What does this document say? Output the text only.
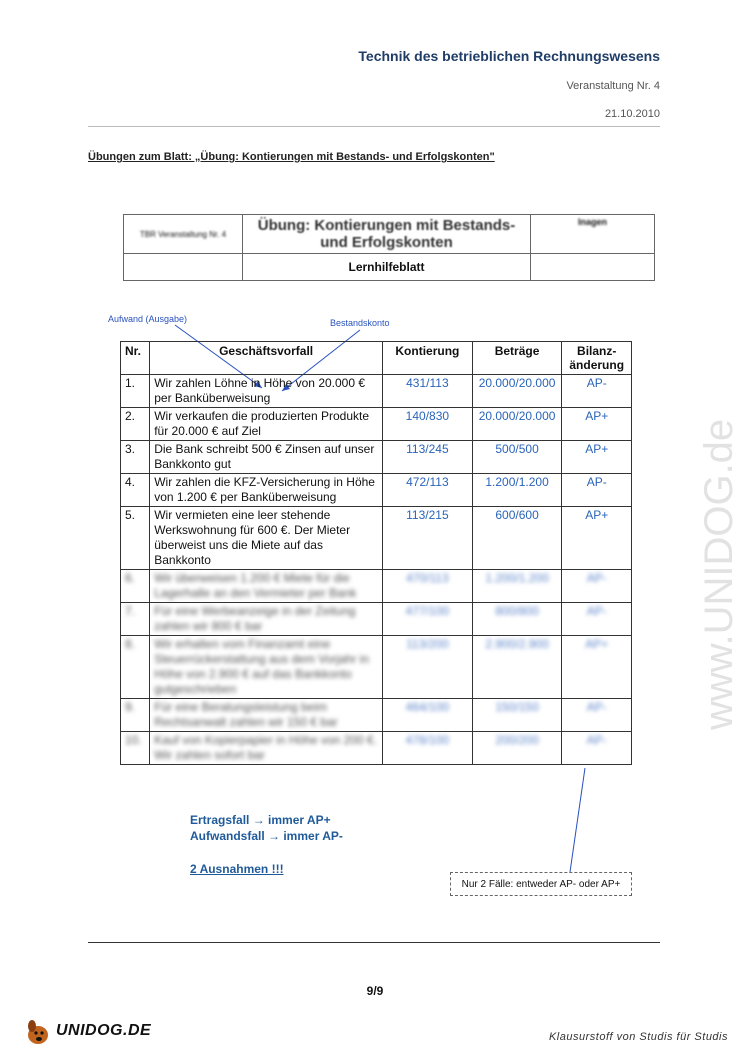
Technik des betrieblichen Rechnungswesens
Veranstaltung Nr. 4
21.10.2010
Übungen zum Blatt: „Übung: Kontierungen mit Bestands- und Erfolgskonten"
TBR Veranstaltung Nr. 4	Übung: Kontierungen mit Bestands- und Erfolgskonten	Inagen
	Lernhilfeblatt	
Aufwand (Ausgabe)	Bestandskonto
Nr.	Geschäftsvorfall	Kontierung	Beträge	Bilanz-
änderung
1.	Wir zahlen Löhne in Höhe von 20.000 € per Banküberweisung	431/113	20.000/20.000	AP-
2.	Wir verkaufen die produzierten Produkte für 20.000 € auf Ziel	140/830	20.000/20.000	AP+
3.	Die Bank schreibt 500 € Zinsen auf unser Bankkonto gut	113/245	500/500	AP+
4.	Wir zahlen die KFZ-Versicherung in Höhe von 1.200 € per Banküberweisung	472/113	1.200/1.200	AP-
5.	Wir vermieten eine leer stehende Werkswohnung für 600 €. Der Mieter überweist uns die Miete auf das Bankkonto	113/215	600/600	AP+
6.	Wir überweisen 1.200 € Miete für die Lagerhalle an den Vermieter per Bank	470/113	1.200/1.200	AP-
7.	Für eine Werbeanzeige in der Zeitung zahlen wir 800 € bar	477/100	800/800	AP-
8.	Wir erhalten vom Finanzamt eine Steuerrückerstattung aus dem Vorjahr in Höhe von 2.900 € auf das Bankkonto gutgeschrieben	113/200	2.900/2.900	AP+
9.	Für eine Beratungsleistung beim Rechtsanwalt zahlen wir 150 € bar	464/100	150/150	AP-
10.	Kauf von Kopierpapier in Höhe von 200 €. Wir zahlen sofort bar	478/100	200/200	AP-
Ertragsfall → immer AP+
Aufwandsfall → immer AP-
2 Ausnahmen !!!
Nur 2 Fälle: entweder AP- oder AP+
9/9
UNIDOG.DE	Klausurstoff von Studis für Studis
www.UNIDOG.de
